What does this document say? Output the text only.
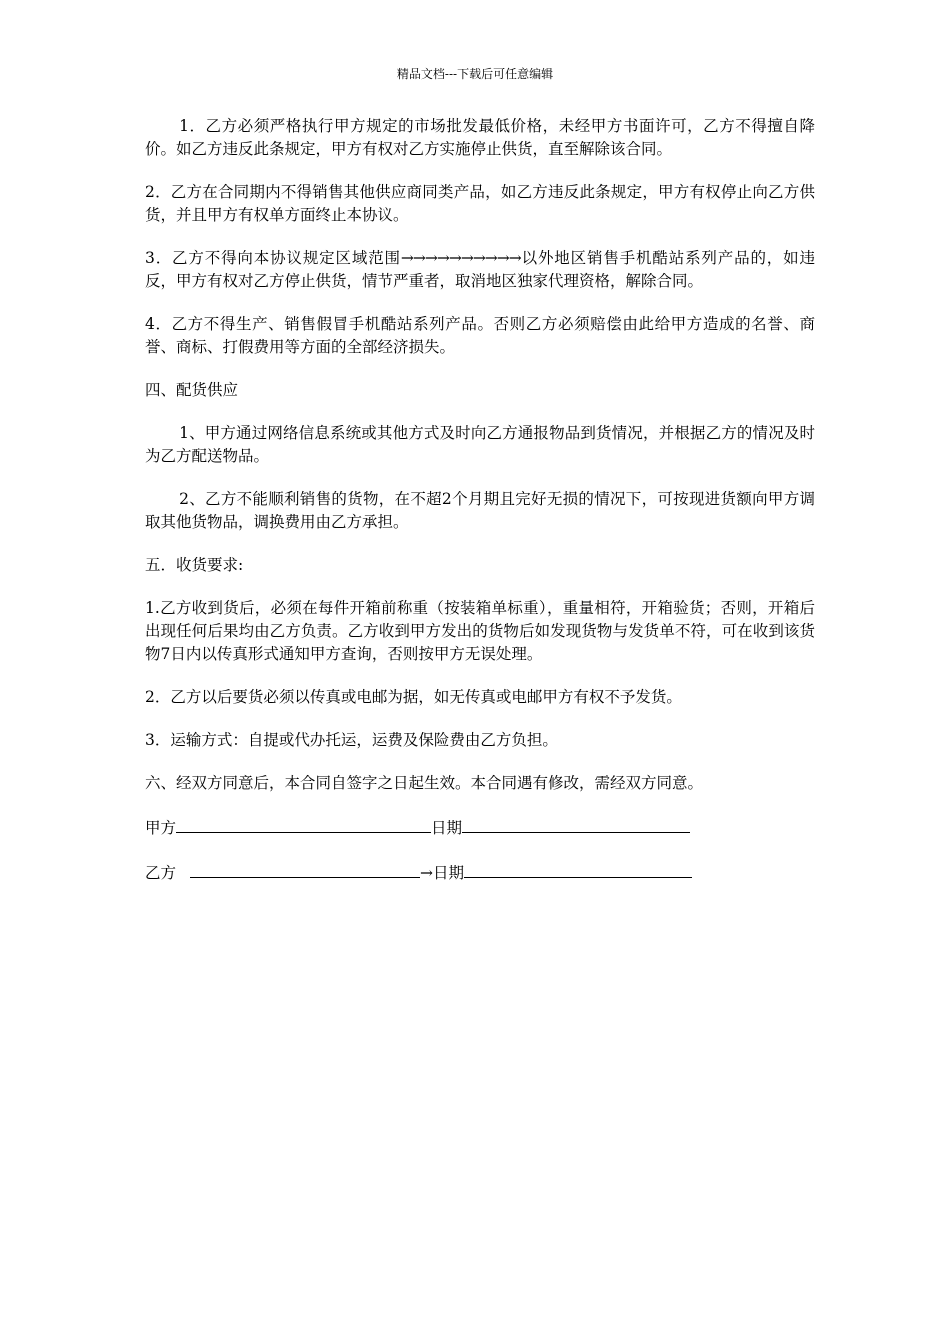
精品文档---下载后可任意编辑

1．乙方必须严格执行甲方规定的市场批发最低价格，未经甲方书面许可，乙方不得擅自降价。如乙方违反此条规定，甲方有权对乙方实施停止供货，直至解除该合同。

2．乙方在合同期内不得销售其他供应商同类产品，如乙方违反此条规定，甲方有权停止向乙方供货，并且甲方有权单方面终止本协议。

3．乙方不得向本协议规定区域范围→→→→→→→→→→以外地区销售手机酷站系列产品的，如违反，甲方有权对乙方停止供货，情节严重者，取消地区独家代理资格，解除合同。

4．乙方不得生产、销售假冒手机酷站系列产品。否则乙方必须赔偿由此给甲方造成的名誉、商誉、商标、打假费用等方面的全部经济损失。

四、配货供应

1、甲方通过网络信息系统或其他方式及时向乙方通报物品到货情况，并根据乙方的情况及时为乙方配送物品。

2、乙方不能顺利销售的货物，在不超2个月期且完好无损的情况下，可按现进货额向甲方调取其他货物品，调换费用由乙方承担。

五．收货要求:

1.乙方收到货后，必须在每件开箱前称重（按装箱单标重），重量相符，开箱验货；否则，开箱后出现任何后果均由乙方负责。乙方收到甲方发出的货物后如发现货物与发货单不符，可在收到该货物7日内以传真形式通知甲方查询，否则按甲方无误处理。

2．乙方以后要货必须以传真或电邮为据，如无传真或电邮甲方有权不予发货。

3．运输方式：自提或代办托运，运费及保险费由乙方负担。

六、经双方同意后，本合同自签字之日起生效。本合同遇有修改，需经双方同意。

甲方	日期
乙方	→日期
